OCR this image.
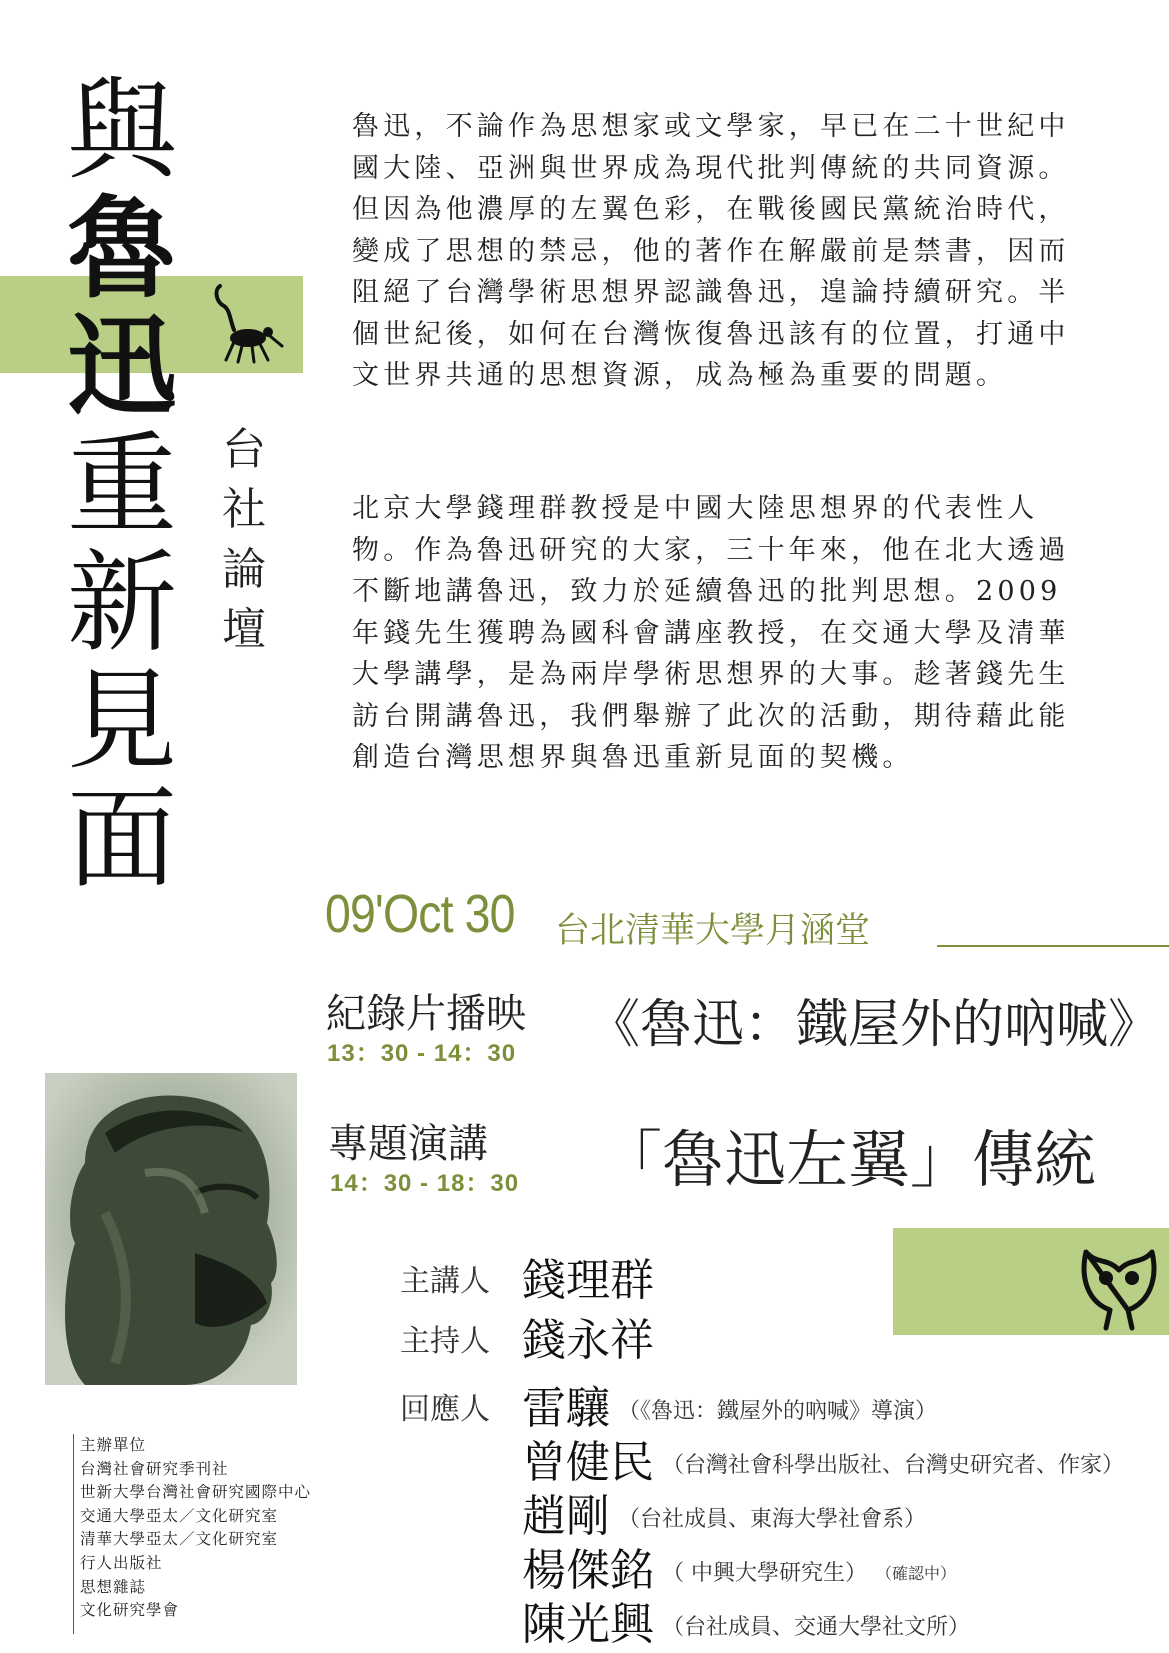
與
魯
迅
重
新
見
面
台
社
論
壇

魯迅，不論作為思想家或文學家，早已在二十世紀中國大陸、亞洲與世界成為現代批判傳統的共同資源。但因為他濃厚的左翼色彩，在戰後國民黨統治時代，變成了思想的禁忌，他的著作在解嚴前是禁書，因而阻絕了台灣學術思想界認識魯迅，遑論持續研究。半個世紀後，如何在台灣恢復魯迅該有的位置，打通中文世界共通的思想資源，成為極為重要的問題。

北京大學錢理群教授是中國大陸思想界的代表性人物。作為魯迅研究的大家，三十年來，他在北大透過不斷地講魯迅，致力於延續魯迅的批判思想。2009年錢先生獲聘為國科會講座教授，在交通大學及清華大學講學，是為兩岸學術思想界的大事。趁著錢先生訪台開講魯迅，我們舉辦了此次的活動，期待藉此能創造台灣思想界與魯迅重新見面的契機。

09'Oct 30 台北清華大學月涵堂
紀錄片播映
13：30 - 14：30 《魯迅：鐵屋外的吶喊》
專題演講
14：30 - 18：30 「魯迅左翼」傳統
主講人 錢理群
主持人 錢永祥
回應人 雷驤 （《魯迅：鐵屋外的吶喊》導演）
曾健民 （台灣社會科學出版社、台灣史研究者、作家）
趙剛 （台社成員、東海大學社會系）
楊傑銘 （ 中興大學研究生） （確認中）
陳光興 （台社成員、交通大學社文所）
主辦單位
台灣社會研究季刊社
世新大學台灣社會研究國際中心
交通大學亞太／文化研究室
清華大學亞太／文化研究室
行人出版社
思想雜誌
文化研究學會
